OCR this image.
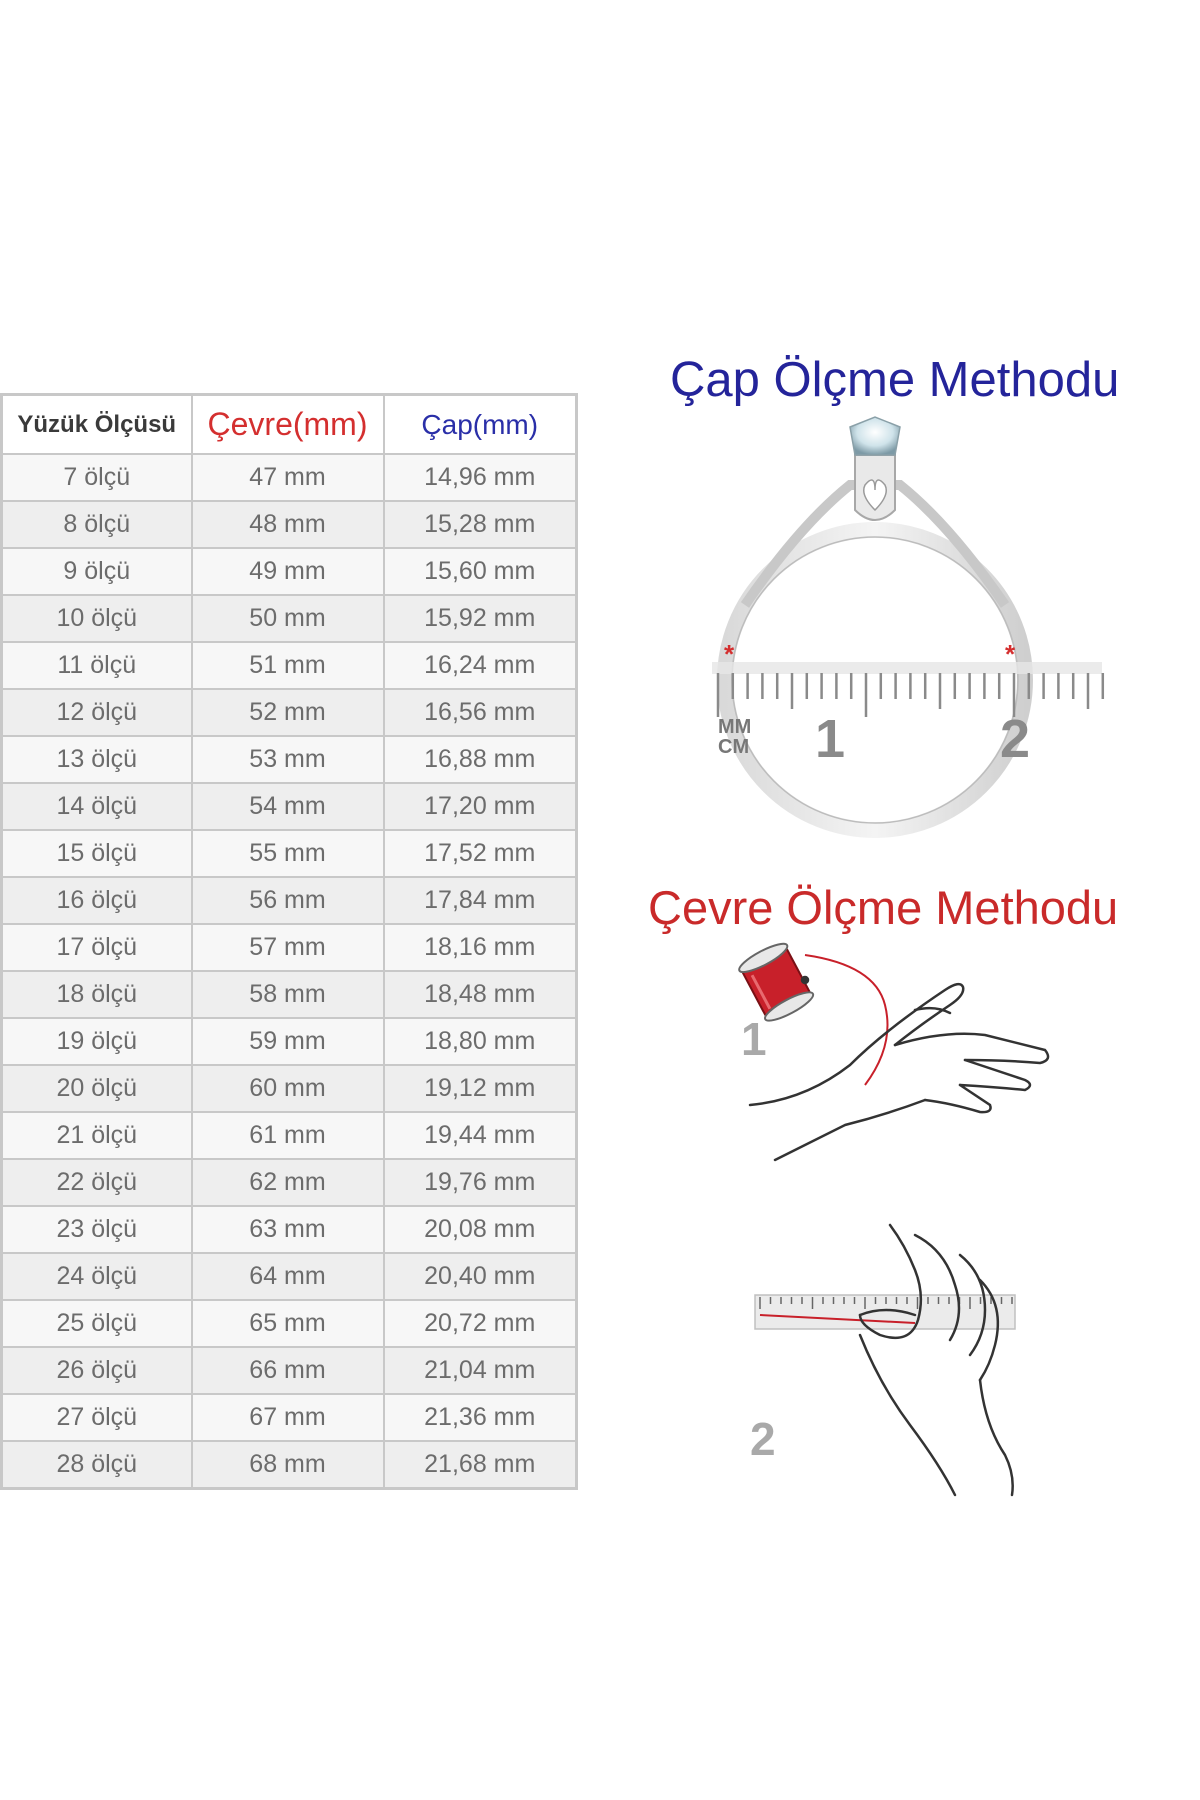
Yüzük Ölçüsü	Çevre(mm)	Çap(mm)
7 ölçü	47 mm	14,96 mm
8 ölçü	48 mm	15,28 mm
9 ölçü	49 mm	15,60 mm
10 ölçü	50 mm	15,92 mm
11 ölçü	51 mm	16,24 mm
12 ölçü	52 mm	16,56 mm
13 ölçü	53 mm	16,88 mm
14 ölçü	54 mm	17,20 mm
15 ölçü	55 mm	17,52 mm
16 ölçü	56 mm	17,84 mm
17 ölçü	57 mm	18,16 mm
18 ölçü	58 mm	18,48 mm
19 ölçü	59 mm	18,80 mm
20 ölçü	60 mm	19,12 mm
21 ölçü	61 mm	19,44 mm
22 ölçü	62 mm	19,76 mm
23 ölçü	63 mm	20,08 mm
24 ölçü	64 mm	20,40 mm
25 ölçü	65 mm	20,72 mm
26 ölçü	66 mm	21,04 mm
27 ölçü	67 mm	21,36 mm
28 ölçü	68 mm	21,68 mm
Çap Ölçme Methodu
MM
CM 1	2
*	*
Çevre Ölçme Methodu
1
2
